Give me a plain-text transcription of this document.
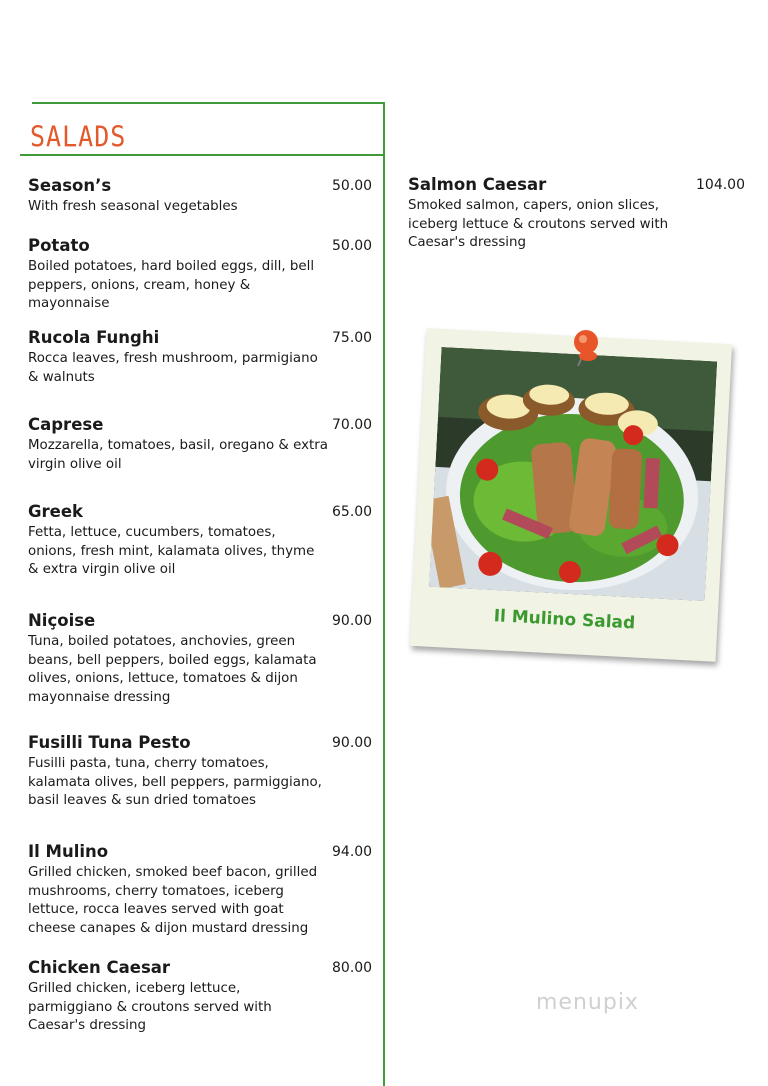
SALADS
Season’s	50.00
With fresh seasonal vegetables
Potato	50.00
Boiled potatoes, hard boiled eggs, dill, bell peppers, onions, cream, honey & mayonnaise
Rucola Funghi	75.00
Rocca leaves, fresh mushroom, parmigiano & walnuts
Caprese	70.00
Mozzarella, tomatoes, basil, oregano & extra virgin olive oil
Greek	65.00
Fetta, lettuce, cucumbers, tomatoes, onions, fresh mint, kalamata olives, thyme & extra virgin olive oil
Niçoise	90.00
Tuna, boiled potatoes, anchovies, green beans, bell peppers, boiled eggs, kalamata olives, onions, lettuce, tomatoes & dijon mayonnaise dressing
Fusilli Tuna Pesto	90.00
Fusilli pasta, tuna, cherry tomatoes, kalamata olives, bell peppers, parmiggiano, basil leaves & sun dried tomatoes
Il Mulino	94.00
Grilled chicken, smoked beef bacon, grilled mushrooms, cherry tomatoes, iceberg lettuce, rocca leaves served with goat cheese canapes & dijon mustard dressing
Chicken Caesar	80.00
Grilled chicken, iceberg lettuce, parmiggiano & croutons served with Caesar's dressing
Salmon Caesar	104.00
Smoked salmon, capers, onion slices, iceberg lettuce & croutons served with Caesar's dressing
Il Mulino Salad
menupix
